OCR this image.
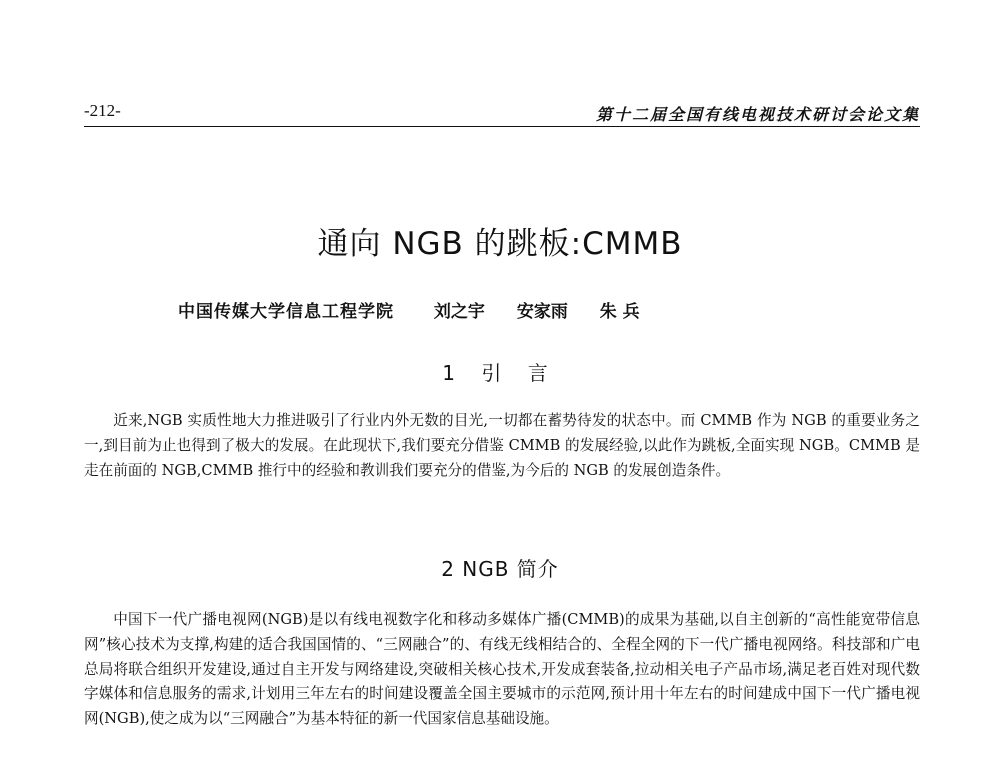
-212-	第十二届全国有线电视技术研讨会论文集
通向 NGB 的跳板:CMMB
中国传媒大学信息工程学院 刘之宇 安家雨 朱 兵
1 引 言

近来,NGB 实质性地大力推进吸引了行业内外无数的目光,一切都在蓄势待发的状态中。而 CMMB 作为 NGB 的重要业务之一,到目前为止也得到了极大的发展。在此现状下,我们要充分借鉴 CMMB 的发展经验,以此作为跳板,全面实现 NGB。CMMB 是走在前面的 NGB,CMMB 推行中的经验和教训我们要充分的借鉴,为今后的 NGB 的发展创造条件。

2 NGB 简介

中国下一代广播电视网(NGB)是以有线电视数字化和移动多媒体广播(CMMB)的成果为基础,以自主创新的“高性能宽带信息网”核心技术为支撑,构建的适合我国国情的、“三网融合”的、有线无线相结合的、全程全网的下一代广播电视网络。科技部和广电总局将联合组织开发建设,通过自主开发与网络建设,突破相关核心技术,开发成套装备,拉动相关电子产品市场,满足老百姓对现代数字媒体和信息服务的需求,计划用三年左右的时间建设覆盖全国主要城市的示范网,预计用十年左右的时间建成中国下一代广播电视网(NGB),使之成为以“三网融合”为基本特征的新一代国家信息基础设施。
